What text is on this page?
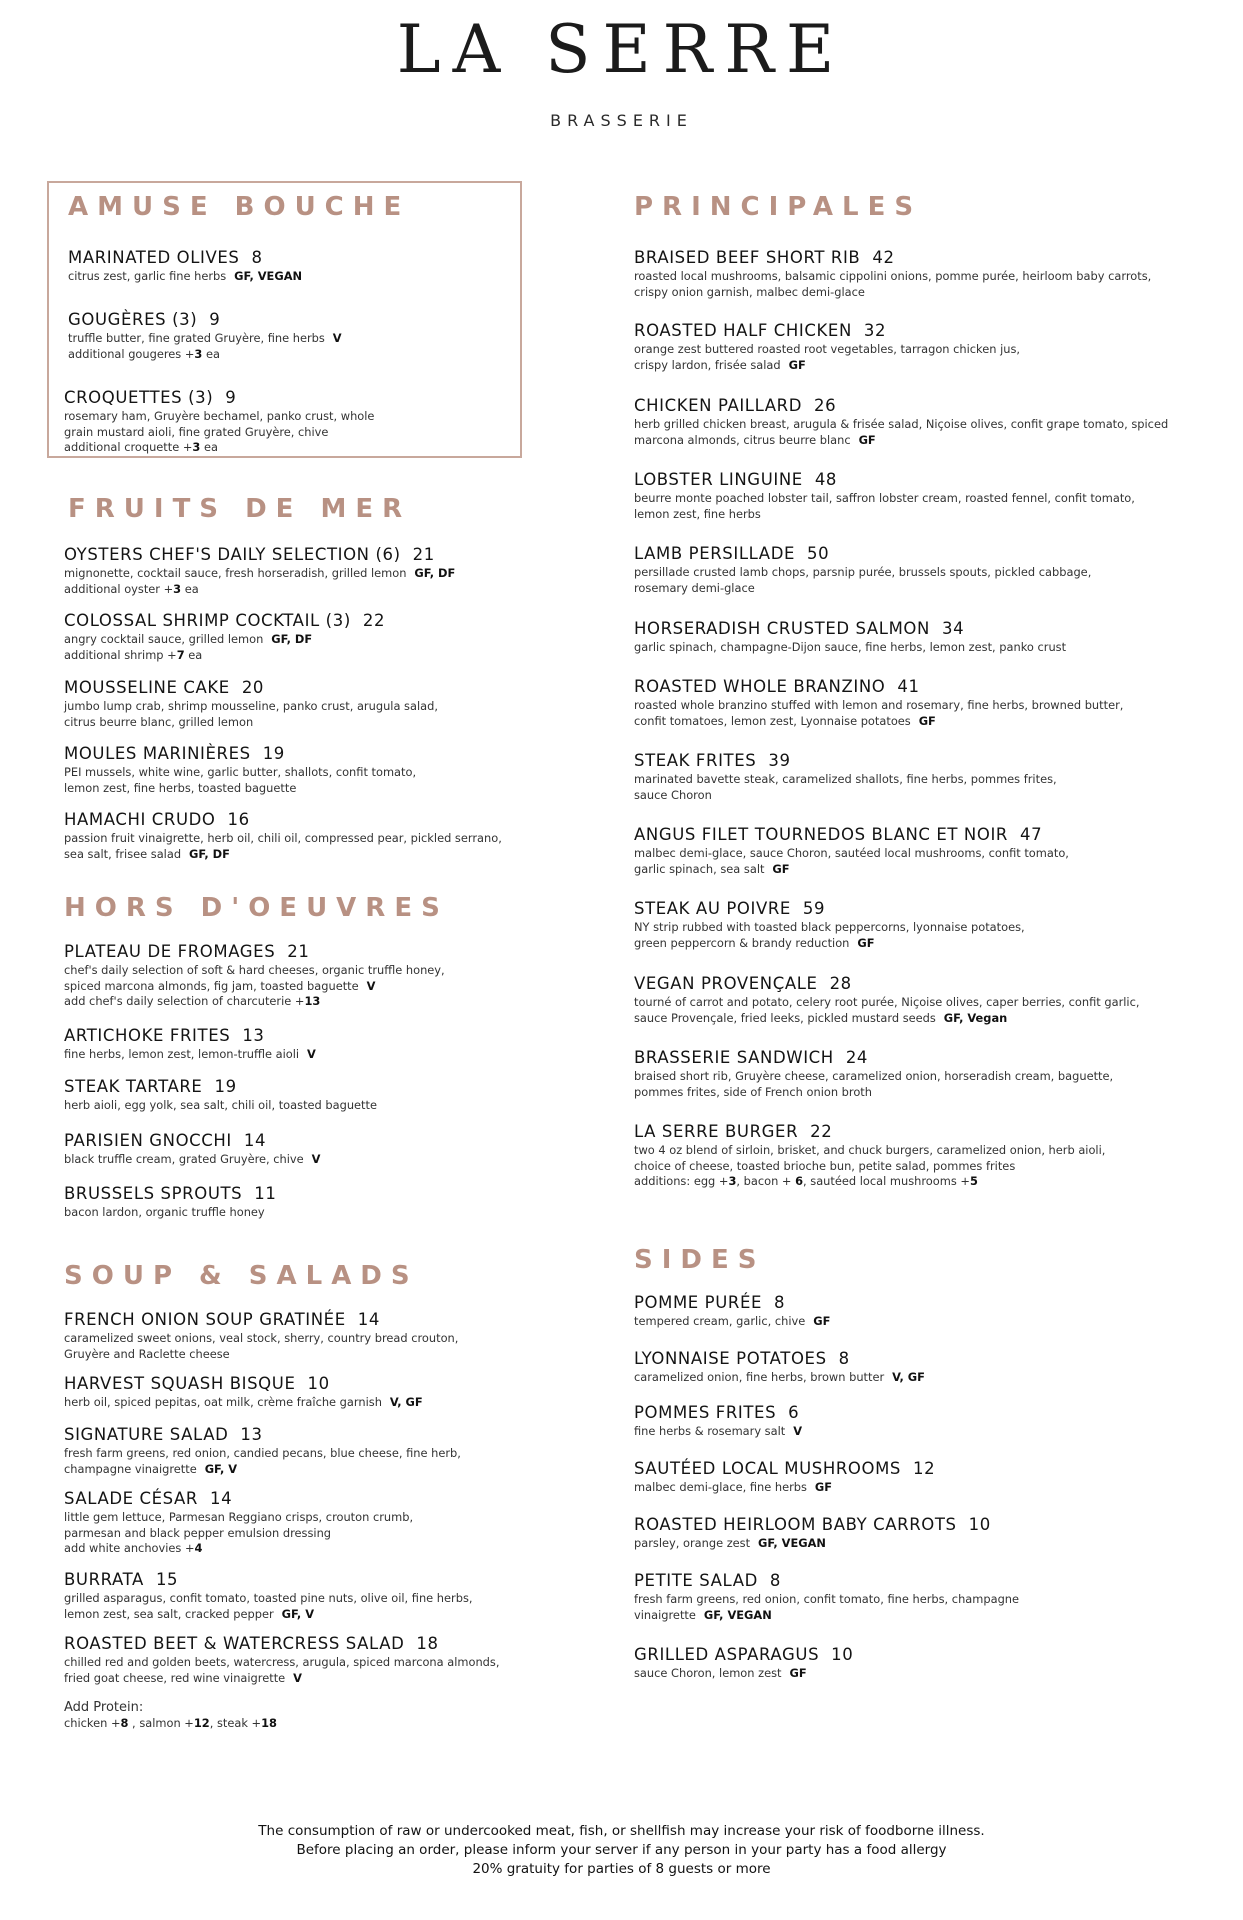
LA SERRE
BRASSERIE
AMUSE BOUCHE
MARINATED OLIVES 8
citrus zest, garlic fine herbs GF, VEGAN
GOUGÈRES (3) 9
truffle butter, fine grated Gruyère, fine herbs V
additional gougeres +3 ea
CROQUETTES (3) 9
rosemary ham, Gruyère bechamel, panko crust, whole
grain mustard aioli, fine grated Gruyère, chive
additional croquette +3 ea
FRUITS DE MER
OYSTERS CHEF'S DAILY SELECTION (6) 21
mignonette, cocktail sauce, fresh horseradish, grilled lemon GF, DF
additional oyster +3 ea
COLOSSAL SHRIMP COCKTAIL (3) 22
angry cocktail sauce, grilled lemon GF, DF
additional shrimp +7 ea
MOUSSELINE CAKE 20
jumbo lump crab, shrimp mousseline, panko crust, arugula salad,
citrus beurre blanc, grilled lemon
MOULES MARINIÈRES 19
PEI mussels, white wine, garlic butter, shallots, confit tomato,
lemon zest, fine herbs, toasted baguette
HAMACHI CRUDO 16
passion fruit vinaigrette, herb oil, chili oil, compressed pear, pickled serrano,
sea salt, frisee salad GF, DF
HORS D'OEUVRES
PLATEAU DE FROMAGES 21
chef's daily selection of soft & hard cheeses, organic truffle honey,
spiced marcona almonds, fig jam, toasted baguette V
add chef's daily selection of charcuterie +13
ARTICHOKE FRITES 13
fine herbs, lemon zest, lemon-truffle aioli V
STEAK TARTARE 19
herb aioli, egg yolk, sea salt, chili oil, toasted baguette
PARISIEN GNOCCHI 14
black truffle cream, grated Gruyère, chive V
BRUSSELS SPROUTS 11
bacon lardon, organic truffle honey
SOUP & SALADS
FRENCH ONION SOUP GRATINÉE 14
caramelized sweet onions, veal stock, sherry, country bread crouton,
Gruyère and Raclette cheese
HARVEST SQUASH BISQUE 10
herb oil, spiced pepitas, oat milk, crème fraîche garnish V, GF
SIGNATURE SALAD 13
fresh farm greens, red onion, candied pecans, blue cheese, fine herb,
champagne vinaigrette GF, V
SALADE CÉSAR 14
little gem lettuce, Parmesan Reggiano crisps, crouton crumb,
parmesan and black pepper emulsion dressing
add white anchovies +4
BURRATA 15
grilled asparagus, confit tomato, toasted pine nuts, olive oil, fine herbs,
lemon zest, sea salt, cracked pepper GF, V
ROASTED BEET & WATERCRESS SALAD 18
chilled red and golden beets, watercress, arugula, spiced marcona almonds,
fried goat cheese, red wine vinaigrette V
Add Protein:
chicken +8 , salmon +12, steak +18
PRINCIPALES
BRAISED BEEF SHORT RIB 42
roasted local mushrooms, balsamic cippolini onions, pomme purée, heirloom baby carrots,
crispy onion garnish, malbec demi-glace
ROASTED HALF CHICKEN 32
orange zest buttered roasted root vegetables, tarragon chicken jus,
crispy lardon, frisée salad GF
CHICKEN PAILLARD 26
herb grilled chicken breast, arugula & frisée salad, Niçoise olives, confit grape tomato, spiced
marcona almonds, citrus beurre blanc GF
LOBSTER LINGUINE 48
beurre monte poached lobster tail, saffron lobster cream, roasted fennel, confit tomato,
lemon zest, fine herbs
LAMB PERSILLADE 50
persillade crusted lamb chops, parsnip purée, brussels spouts, pickled cabbage,
rosemary demi-glace
HORSERADISH CRUSTED SALMON 34
garlic spinach, champagne-Dijon sauce, fine herbs, lemon zest, panko crust
ROASTED WHOLE BRANZINO 41
roasted whole branzino stuffed with lemon and rosemary, fine herbs, browned butter,
confit tomatoes, lemon zest, Lyonnaise potatoes GF
STEAK FRITES 39
marinated bavette steak, caramelized shallots, fine herbs, pommes frites,
sauce Choron
ANGUS FILET TOURNEDOS BLANC ET NOIR 47
malbec demi-glace, sauce Choron, sautéed local mushrooms, confit tomato,
garlic spinach, sea salt GF
STEAK AU POIVRE 59
NY strip rubbed with toasted black peppercorns, lyonnaise potatoes,
green peppercorn & brandy reduction GF
VEGAN PROVENÇALE 28
tourné of carrot and potato, celery root purée, Niçoise olives, caper berries, confit garlic,
sauce Provençale, fried leeks, pickled mustard seeds GF, Vegan
BRASSERIE SANDWICH 24
braised short rib, Gruyère cheese, caramelized onion, horseradish cream, baguette,
pommes frites, side of French onion broth
LA SERRE BURGER 22
two 4 oz blend of sirloin, brisket, and chuck burgers, caramelized onion, herb aioli,
choice of cheese, toasted brioche bun, petite salad, pommes frites
additions: egg +3, bacon + 6, sautéed local mushrooms +5
SIDES
POMME PURÉE 8
tempered cream, garlic, chive GF
LYONNAISE POTATOES 8
caramelized onion, fine herbs, brown butter V, GF
POMMES FRITES 6
fine herbs & rosemary salt V
SAUTÉED LOCAL MUSHROOMS 12
malbec demi-glace, fine herbs GF
ROASTED HEIRLOOM BABY CARROTS 10
parsley, orange zest GF, VEGAN
PETITE SALAD 8
fresh farm greens, red onion, confit tomato, fine herbs, champagne
vinaigrette GF, VEGAN
GRILLED ASPARAGUS 10
sauce Choron, lemon zest GF
The consumption of raw or undercooked meat, fish, or shellfish may increase your risk of foodborne illness.
Before placing an order, please inform your server if any person in your party has a food allergy
20% gratuity for parties of 8 guests or more
